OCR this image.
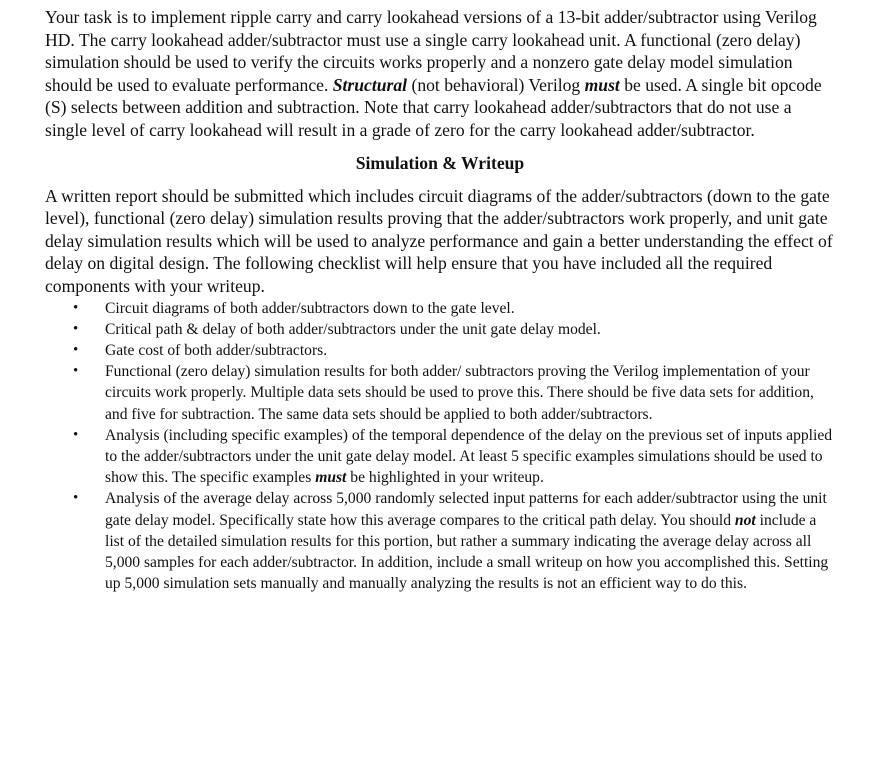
Your task is to implement ripple carry and carry lookahead versions of a 13-bit adder/subtractor using Verilog HD. The carry lookahead adder/subtractor must use a single carry lookahead unit. A functional (zero delay) simulation should be used to verify the circuits works properly and a nonzero gate delay model simulation should be used to evaluate performance. Structural (not behavioral) Verilog must be used. A single bit opcode (S) selects between addition and subtraction. Note that carry lookahead adder/subtractors that do not use a single level of carry lookahead will result in a grade of zero for the carry lookahead adder/subtractor.

Simulation & Writeup

A written report should be submitted which includes circuit diagrams of the adder/subtractors (down to the gate level), functional (zero delay) simulation results proving that the adder/subtractors work properly, and unit gate delay simulation results which will be used to analyze performance and gain a better understanding the effect of delay on digital design. The following checklist will help ensure that you have included all the required components with your writeup.

• Circuit diagrams of both adder/subtractors down to the gate level.
• Critical path & delay of both adder/subtractors under the unit gate delay model.
• Gate cost of both adder/subtractors.
• Functional (zero delay) simulation results for both adder/ subtractors proving the Verilog implementation of your circuits work properly. Multiple data sets should be used to prove this. There should be five data sets for addition, and five for subtraction. The same data sets should be applied to both adder/subtractors.
• Analysis (including specific examples) of the temporal dependence of the delay on the previous set of inputs applied to the adder/subtractors under the unit gate delay model. At least 5 specific examples simulations should be used to show this. The specific examples must be highlighted in your writeup.
• Analysis of the average delay across 5,000 randomly selected input patterns for each adder/subtractor using the unit gate delay model. Specifically state how this average compares to the critical path delay. You should not include a list of the detailed simulation results for this portion, but rather a summary indicating the average delay across all 5,000 samples for each adder/subtractor. In addition, include a small writeup on how you accomplished this. Setting up 5,000 simulation sets manually and manually analyzing the results is not an efficient way to do this.
